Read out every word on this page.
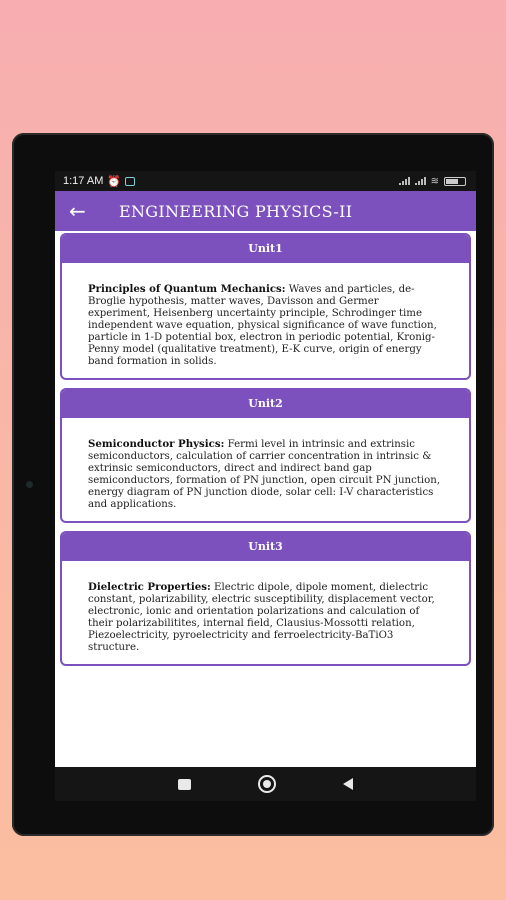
1:17 AM ⏰	≋
←	ENGINEERING PHYSICS-II
Unit1
Principles of Quantum Mechanics: Waves and particles, de-Broglie hypothesis, matter waves, Davisson and Germer experiment, Heisenberg uncertainty principle, Schrodinger time independent wave equation, physical significance of wave function, particle in 1-D potential box, electron in periodic potential, Kronig-Penny model (qualitative treatment), E-K curve, origin of energy band formation in solids.
Unit2
Semiconductor Physics: Fermi level in intrinsic and extrinsic semiconductors, calculation of carrier concentration in intrinsic & extrinsic semiconductors, direct and indirect band gap semiconductors, formation of PN junction, open circuit PN junction, energy diagram of PN junction diode, solar cell: I-V characteristics and applications.
Unit3
Dielectric Properties: Electric dipole, dipole moment, dielectric constant, polarizability, electric susceptibility, displacement vector, electronic, ionic and orientation polarizations and calculation of their polarizabilitites, internal field, Clausius-Mossotti relation, Piezoelectricity, pyroelectricity and ferroelectricity-BaTiO3 structure.
